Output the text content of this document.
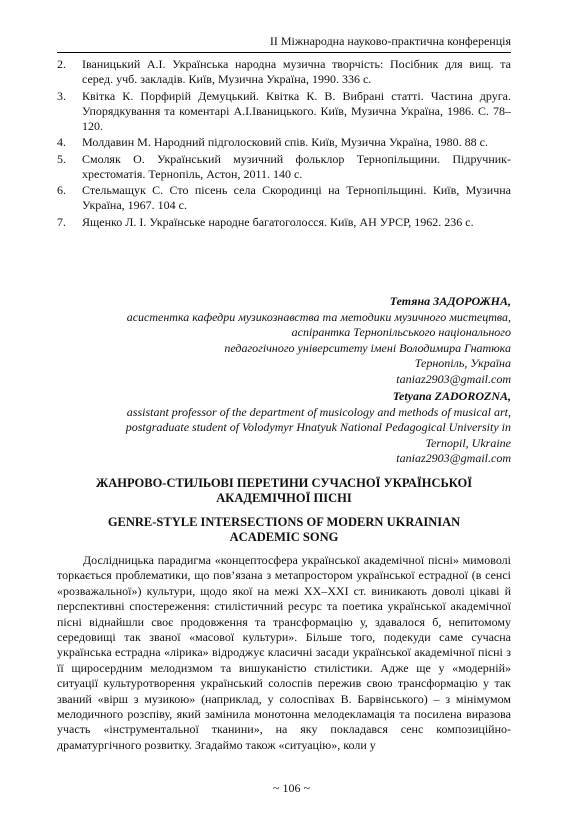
II Міжнародна науково-практична конференція
2.	Іваницький А.І. Українська народна музична творчість: Посібник для вищ. та серед. учб. закладів. Київ, Музична Україна, 1990. 336 с.
3.	Квітка К. Порфирій Демуцький. Квітка К. В. Вибрані статті. Частина друга. Упорядкування та коментарі А.І.Іваницького. Київ, Музична Україна, 1986. С. 78–120.
4.	Молдавин М. Народний підголосковий спів. Київ, Музична Україна, 1980. 88 с.
5.	Смоляк О. Український музичний фольклор Тернопільщини. Підручник-хрестоматія. Тернопіль, Астон, 2011. 140 с.
6.	Стельмащук С. Сто пісень села Скородинці на Тернопільщині. Київ, Музична Україна, 1967. 104 с.
7.	Ященко Л. І. Українське народне багатоголосся. Київ, АН УРСР, 1962. 236 с.
Тетяна ЗАДОРОЖНА,
асистентка кафедри музикознавства та методики музичного мистецтва,
аспірантка Тернопільського національного
педагогічного університету імені Володимира Гнатюка
Тернопіль, Україна
taniaz2903@gmail.com
Tetyana ZADOROZNA,
assistant professor of the department of musicology and methods of musical art,
postgraduate student of Volodymyr Hnatyuk National Pedagogical University in
Ternopil, Ukraine
taniaz2903@gmail.com
ЖАНРОВО-СТИЛЬОВІ ПЕРЕТИНИ СУЧАСНОЇ УКРАЇНСЬКОЇ
АКАДЕМІЧНОЇ ПІСНІ
GENRE-STYLE INTERSECTIONS OF MODERN UKRAINIAN
ACADEMIC SONG

Дослідницька парадигма «концептосфера української академічної пісні» мимоволі торкається проблематики, що пов’язана з метапростором української естрадної (в сенсі «розважальної») культури, щодо якої на межі ХХ–ХХІ ст. виникають доволі цікаві й перспективні спостереження: стилістичний ресурс та поетика української академічної пісні віднайшли своє продовження та трансформацію у, здавалося б, непитомому середовищі так званої «масової культури». Більше того, подекуди саме сучасна українська естрадна «лірика» відроджує класичні засади української академічної пісні з її щиросердним мелодизмом та вишуканістю стилістики. Адже ще у «модерній» ситуації культуротворення український солоспів пережив свою трансформацію у так званий «вірш з музикою» (наприклад, у солоспівах В. Барвінського) – з мінімумом мелодичного розспіву, який замінила монотонна мелодекламація та посилена виразова участь «інструментальної тканини», на яку покладався сенс композиційно-драматургічного розвитку. Згадаймо також «ситуацію», коли у

~ 106 ~
